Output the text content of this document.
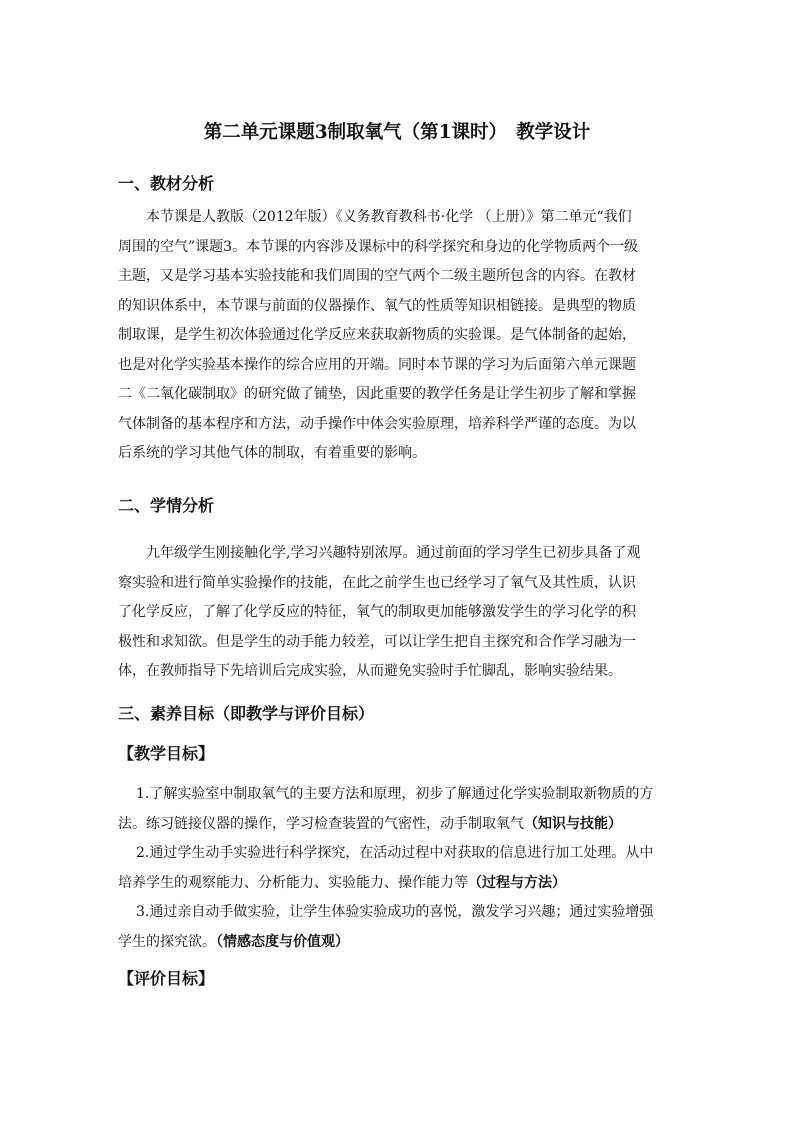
第二单元课题3制取氧气（第1课时）　教学设计
一、教材分析
本节课是人教版（2012年版）《义务教育教科书·化学 （上册）》第二单元“我们
周围的空气”课题3。本节课的内容涉及课标中的科学探究和身边的化学物质两个一级
主题，又是学习基本实验技能和我们周围的空气两个二级主题所包含的内容。在教材
的知识体系中，本节课与前面的仪器操作、氧气的性质等知识相链接。是典型的物质
制取课，是学生初次体验通过化学反应来获取新物质的实验课。是气体制备的起始，
也是对化学实验基本操作的综合应用的开端。同时本节课的学习为后面第六单元课题
二《二氧化碳制取》的研究做了铺垫，因此重要的教学任务是让学生初步了解和掌握
气体制备的基本程序和方法，动手操作中体会实验原理，培养科学严谨的态度。为以
后系统的学习其他气体的制取，有着重要的影响。
二、学情分析
九年级学生刚接触化学,学习兴趣特别浓厚。通过前面的学习学生已初步具备了观
察实验和进行简单实验操作的技能，在此之前学生也已经学习了氧气及其性质，认识
了化学反应，了解了化学反应的特征，氧气的制取更加能够激发学生的学习化学的积
极性和求知欲。但是学生的动手能力较差，可以让学生把自主探究和合作学习融为一
体，在教师指导下先培训后完成实验，从而避免实验时手忙脚乱，影响实验结果。
三、素养目标（即教学与评价目标）
【教学目标】
1.了解实验室中制取氧气的主要方法和原理，初步了解通过化学实验制取新物质的方
法。练习链接仪器的操作，学习检查装置的气密性，动手制取氧气（知识与技能）
2.通过学生动手实验进行科学探究，在活动过程中对获取的信息进行加工处理。从中
培养学生的观察能力、分析能力、实验能力、操作能力等（过程与方法）
3.通过亲自动手做实验，让学生体验实验成功的喜悦，激发学习兴趣；通过实验增强
学生的探究欲。（情感态度与价值观）
【评价目标】
